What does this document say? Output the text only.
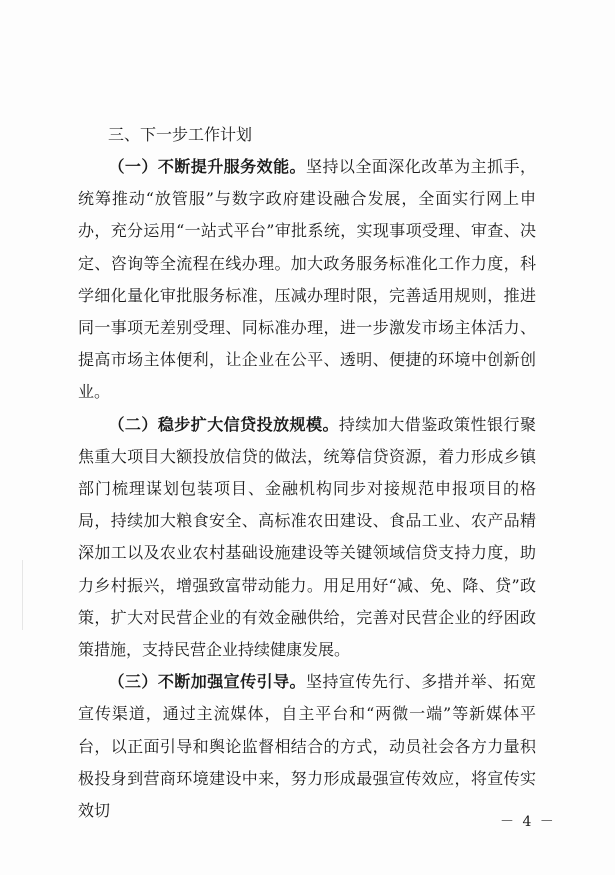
三、下一步工作计划

（一）不断提升服务效能。坚持以全面深化改革为主抓手，统筹推动“放管服”与数字政府建设融合发展，全面实行网上申办，充分运用“一站式平台”审批系统，实现事项受理、审查、决定、咨询等全流程在线办理。加大政务服务标准化工作力度，科学细化量化审批服务标准，压减办理时限，完善适用规则，推进同一事项无差别受理、同标准办理，进一步激发市场主体活力、提高市场主体便利，让企业在公平、透明、便捷的环境中创新创业。

（二）稳步扩大信贷投放规模。持续加大借鉴政策性银行聚焦重大项目大额投放信贷的做法，统筹信贷资源，着力形成乡镇部门梳理谋划包装项目、金融机构同步对接规范申报项目的格局，持续加大粮食安全、高标准农田建设、食品工业、农产品精深加工以及农业农村基础设施建设等关键领域信贷支持力度，助力乡村振兴，增强致富带动能力。用足用好“减、免、降、贷”政策，扩大对民营企业的有效金融供给，完善对民营企业的纾困政策措施，支持民营企业持续健康发展。

（三）不断加强宣传引导。坚持宣传先行、多措并举、拓宽宣传渠道，通过主流媒体，自主平台和“两微一端”等新媒体平台，以正面引导和舆论监督相结合的方式，动员社会各方力量积极投身到营商环境建设中来，努力形成最强宣传效应，将宣传实效切

－ 4 －
